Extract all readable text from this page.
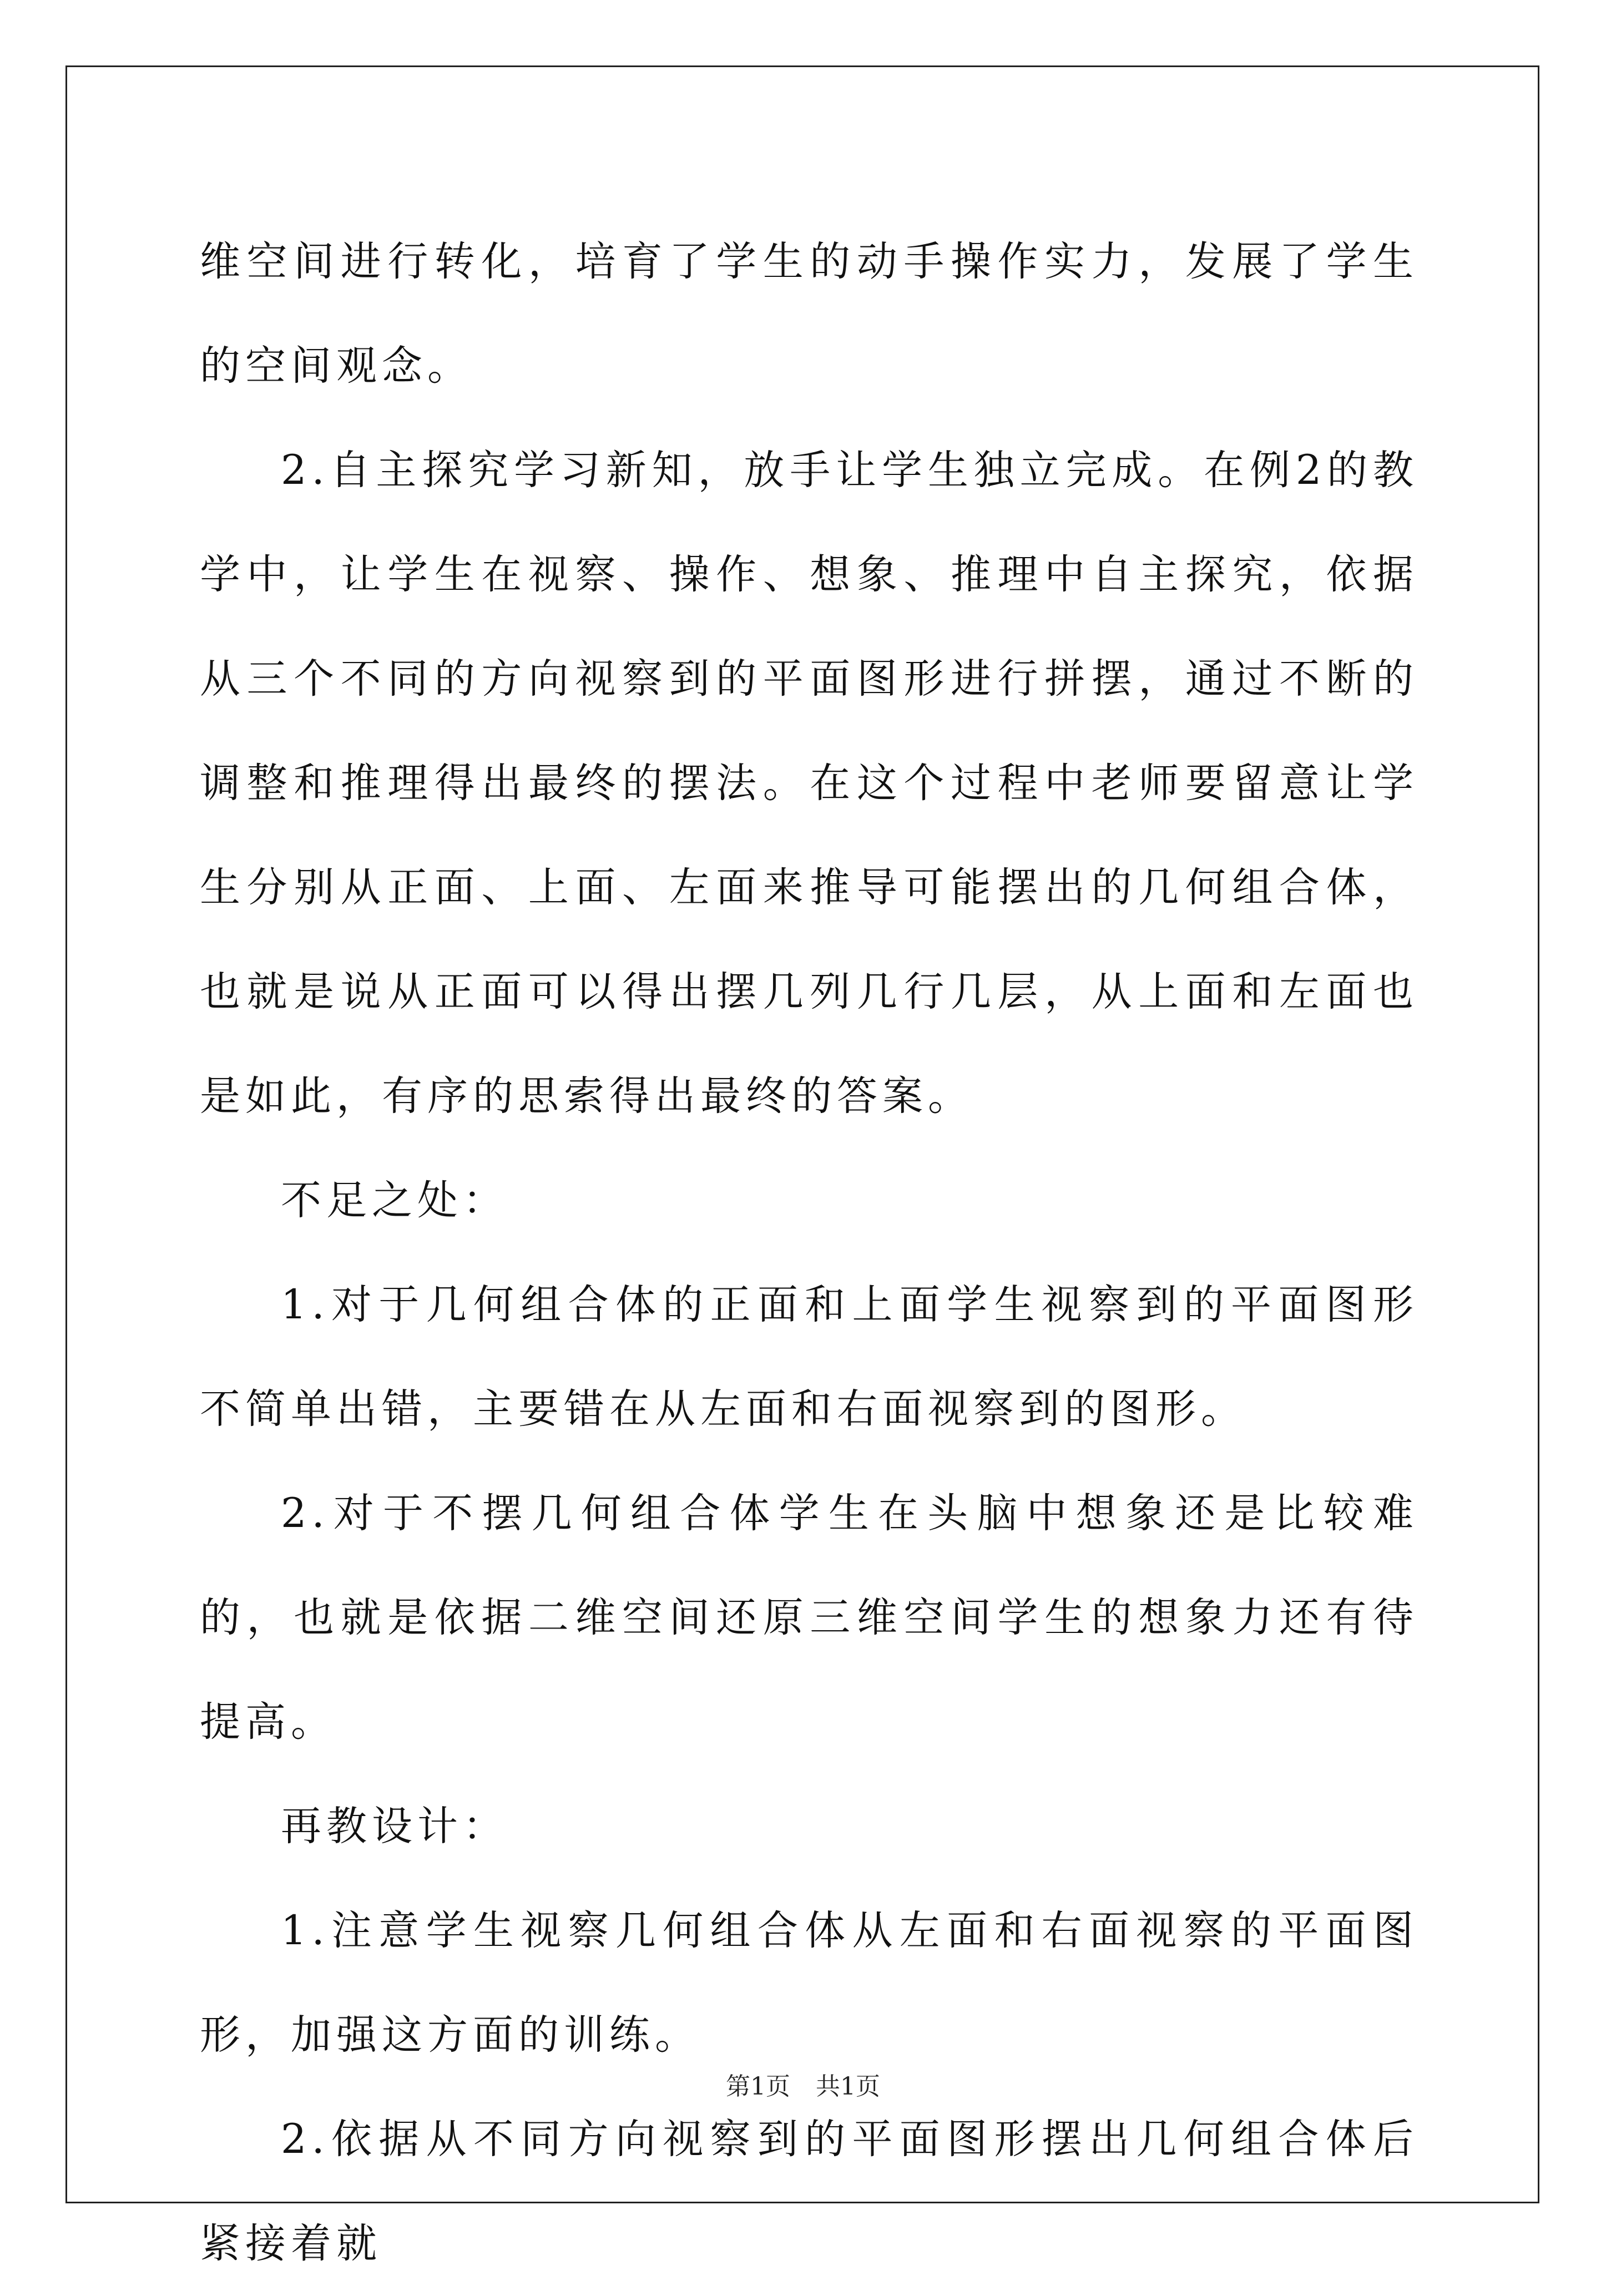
维空间进行转化，培育了学生的动手操作实力，发展了学生的空间观念。

2.自主探究学习新知，放手让学生独立完成。在例2的教学中，让学生在视察、操作、想象、推理中自主探究，依据从三个不同的方向视察到的平面图形进行拼摆，通过不断的调整和推理得出最终的摆法。在这个过程中老师要留意让学生分别从正面、上面、左面来推导可能摆出的几何组合体，也就是说从正面可以得出摆几列几行几层，从上面和左面也是如此，有序的思索得出最终的答案。

不足之处：

1.对于几何组合体的正面和上面学生视察到的平面图形不简单出错，主要错在从左面和右面视察到的图形。

2.对于不摆几何组合体学生在头脑中想象还是比较难的，也就是依据二维空间还原三维空间学生的想象力还有待提高。

再教设计：

1.注意学生视察几何组合体从左面和右面视察的平面图形，加强这方面的训练。

2.依据从不同方向视察到的平面图形摆出几何组合体后紧接着就

第1页 共1页
